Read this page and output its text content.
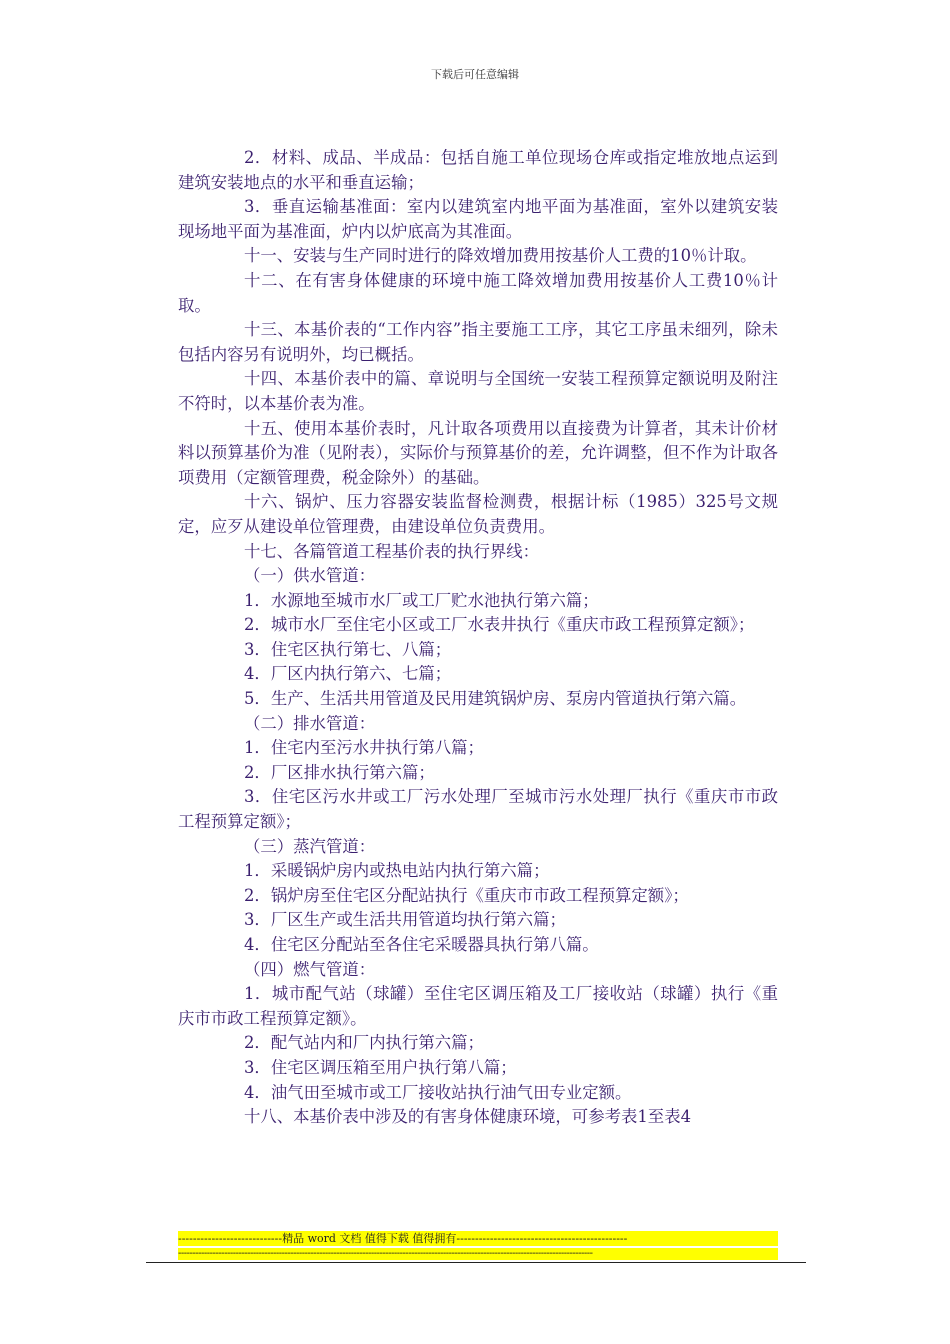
下载后可任意编辑

2．材料、成品、半成品：包括自施工单位现场仓库或指定堆放地点运到建筑安装地点的水平和垂直运输；

3．垂直运输基准面：室内以建筑室内地平面为基准面，室外以建筑安装现场地平面为基准面，炉内以炉底高为其准面。

十一、安装与生产同时进行的降效增加费用按基价人工费的10％计取。

十二、在有害身体健康的环境中施工降效增加费用按基价人工费10％计取。

十三、本基价表的“工作内容”指主要施工工序，其它工序虽未细列，除未包括内容另有说明外，均已概括。

十四、本基价表中的篇、章说明与全国统一安装工程预算定额说明及附注不符时，以本基价表为准。

十五、使用本基价表时，凡计取各项费用以直接费为计算者，其未计价材料以预算基价为准（见附表），实际价与预算基价的差，允许调整，但不作为计取各项费用（定额管理费，税金除外）的基础。

十六、锅炉、压力容器安装监督检测费，根据计标（1985）325号文规定，应歹从建设单位管理费，由建设单位负责费用。

十七、各篇管道工程基价表的执行界线：

（一）供水管道：

1．水源地至城市水厂或工厂贮水池执行第六篇；

2．城市水厂至住宅小区或工厂水表井执行《重庆市政工程预算定额》；

3．住宅区执行第七、八篇；

4．厂区内执行第六、七篇；

5．生产、生活共用管道及民用建筑锅炉房、泵房内管道执行第六篇。

（二）排水管道：

1．住宅内至污水井执行第八篇；

2．厂区排水执行第六篇；

3．住宅区污水井或工厂污水处理厂至城市污水处理厂执行《重庆市市政工程预算定额》；

（三）蒸汽管道：

1．采暖锅炉房内或热电站内执行第六篇；

2．锅炉房至住宅区分配站执行《重庆市市政工程预算定额》；

3．厂区生产或生活共用管道均执行第六篇；

4．住宅区分配站至各住宅采暖器具执行第八篇。

（四）燃气管道：

1．城市配气站（球罐）至住宅区调压箱及工厂接收站（球罐）执行《重庆市市政工程预算定额》。

2．配气站内和厂内执行第六篇；

3．住宅区调压箱至用户执行第八篇；

4．油气田至城市或工厂接收站执行油气田专业定额。

十八、本基价表中涉及的有害身体健康环境，可参考表1至表4

----------------------------精品 word 文档 值得下载 值得拥有----------------------------------------------
------------------------------------------------------------------------------------------------------------------------------------------------
